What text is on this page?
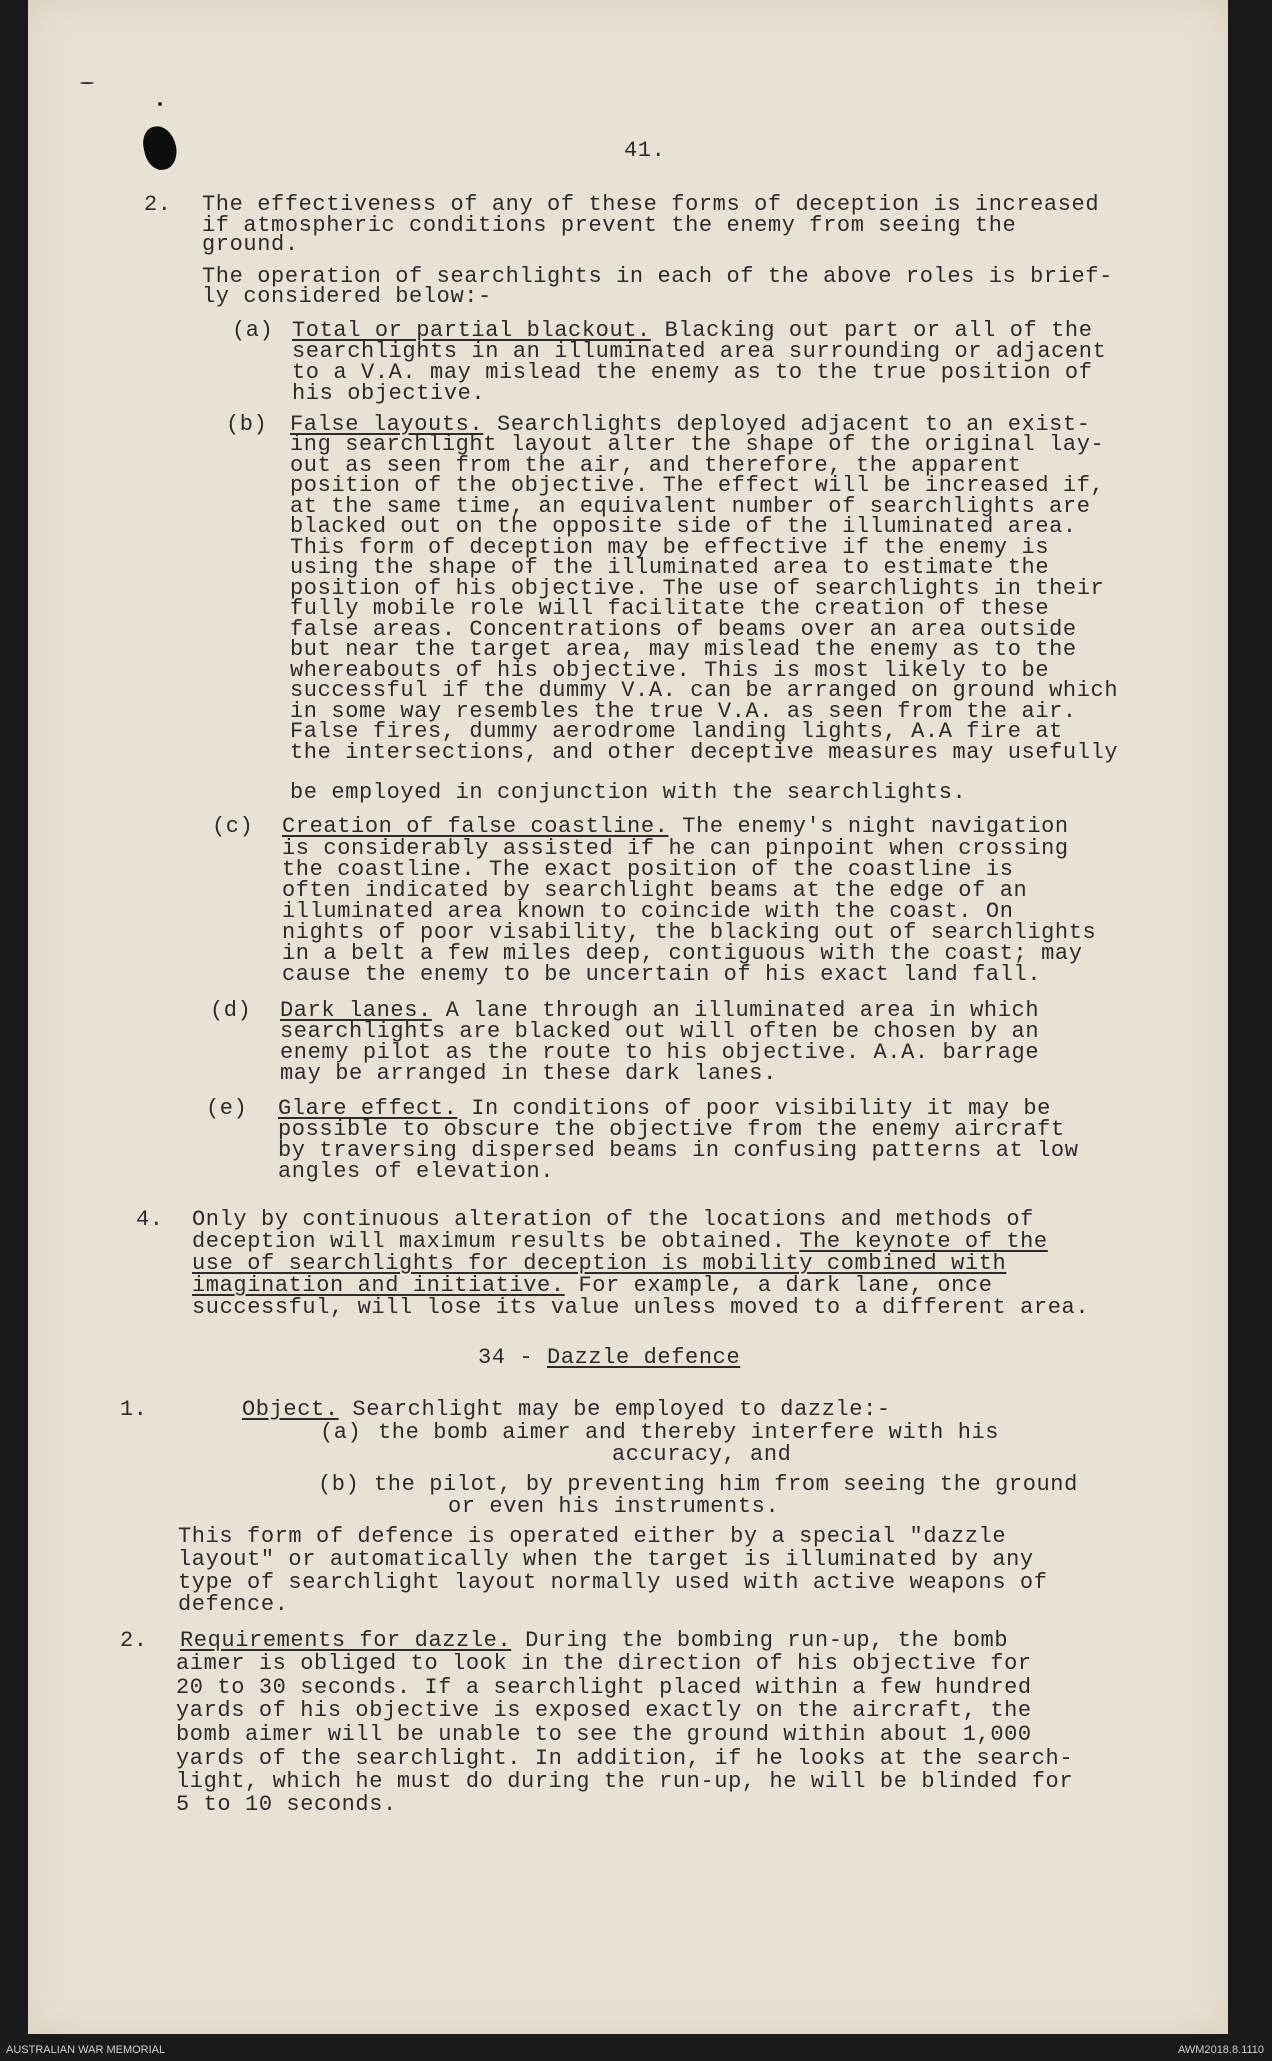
41.
2. The effectiveness of any of these forms of deception is increased
if atmospheric conditions prevent the enemy from seeing the
ground.
The operation of searchlights in each of the above roles is brief-
ly considered below:-
(a) Total or partial blackout. Blacking out part or all of the
searchlights in an illuminated area surrounding or adjacent
to a V.A. may mislead the enemy as to the true position of
his objective.
(b) False layouts. Searchlights deployed adjacent to an exist-
ing searchlight layout alter the shape of the original lay-
out as seen from the air, and therefore, the apparent
position of the objective. The effect will be increased if,
at the same time, an equivalent number of searchlights are
blacked out on the opposite side of the illuminated area.
This form of deception may be effective if the enemy is
using the shape of the illuminated area to estimate the
position of his objective. The use of searchlights in their
fully mobile role will facilitate the creation of these
false areas. Concentrations of beams over an area outside
but near the target area, may mislead the enemy as to the
whereabouts of his objective. This is most likely to be
successful if the dummy V.A. can be arranged on ground which
in some way resembles the true V.A. as seen from the air.
False fires, dummy aerodrome landing lights, A.A fire at
the intersections, and other deceptive measures may usefully
be employed in conjunction with the searchlights.
(c) Creation of false coastline. The enemy's night navigation
is considerably assisted if he can pinpoint when crossing
the coastline. The exact position of the coastline is
often indicated by searchlight beams at the edge of an
illuminated area known to coincide with the coast. On
nights of poor visability, the blacking out of searchlights
in a belt a few miles deep, contiguous with the coast; may
cause the enemy to be uncertain of his exact land fall.
(d) Dark lanes. A lane through an illuminated area in which
searchlights are blacked out will often be chosen by an
enemy pilot as the route to his objective. A.A. barrage
may be arranged in these dark lanes.
(e) Glare effect. In conditions of poor visibility it may be
possible to obscure the objective from the enemy aircraft
by traversing dispersed beams in confusing patterns at low
angles of elevation.
4. Only by continuous alteration of the locations and methods of
deception will maximum results be obtained. The keynote of the
use of searchlights for deception is mobility combined with
imagination and initiative. For example, a dark lane, once
successful, will lose its value unless moved to a different area.
34 - Dazzle defence
1.	Object. Searchlight may be employed to dazzle:-
(a) the bomb aimer and thereby interfere with his
accuracy, and
(b) the pilot, by preventing him from seeing the ground
or even his instruments.
This form of defence is operated either by a special "dazzle
layout" or automatically when the target is illuminated by any
type of searchlight layout normally used with active weapons of
defence.
2. Requirements for dazzle. During the bombing run-up, the bomb
aimer is obliged to look in the direction of his objective for
20 to 30 seconds. If a searchlight placed within a few hundred
yards of his objective is exposed exactly on the aircraft, the
bomb aimer will be unable to see the ground within about 1,000
yards of the searchlight. In addition, if he looks at the search-
light, which he must do during the run-up, he will be blinded for
5 to 10 seconds.
AUSTRALIAN WAR MEMORIAL	AWM2018.8.1110
